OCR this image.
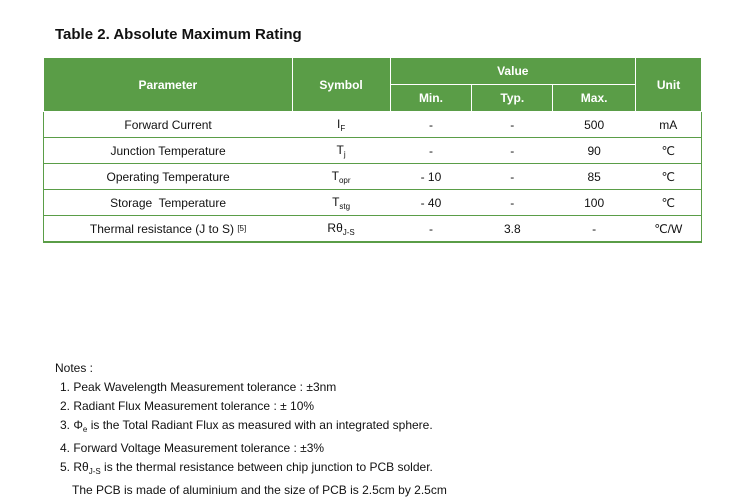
Table 2. Absolute Maximum Rating
Parameter	Symbol	Value			Unit
		Min.	Typ.	Max.	
Forward Current	$I_F$	-	-	500	mA
Junction Temperature	$T_j$	-	-	90	℃
Operating Temperature	$T_{opr}$	- 10	-	85	℃
Storage  Temperature	$T_{stg}$	- 40	-	100	℃
Thermal resistance (J to S) [5]	$R\theta_{J-S}$	-	3.8	-	℃/W
Notes :
1. Peak Wavelength Measurement tolerance : ±3nm
2. Radiant Flux Measurement tolerance : ± 10%
3. $\Phi_e$ is the Total Radiant Flux as measured with an integrated sphere.
4. Forward Voltage Measurement tolerance : ±3%
5. $R\theta_{J-S}$ is the thermal resistance between chip junction to PCB solder.
The PCB is made of aluminium and the size of PCB is 2.5cm by 2.5cm
